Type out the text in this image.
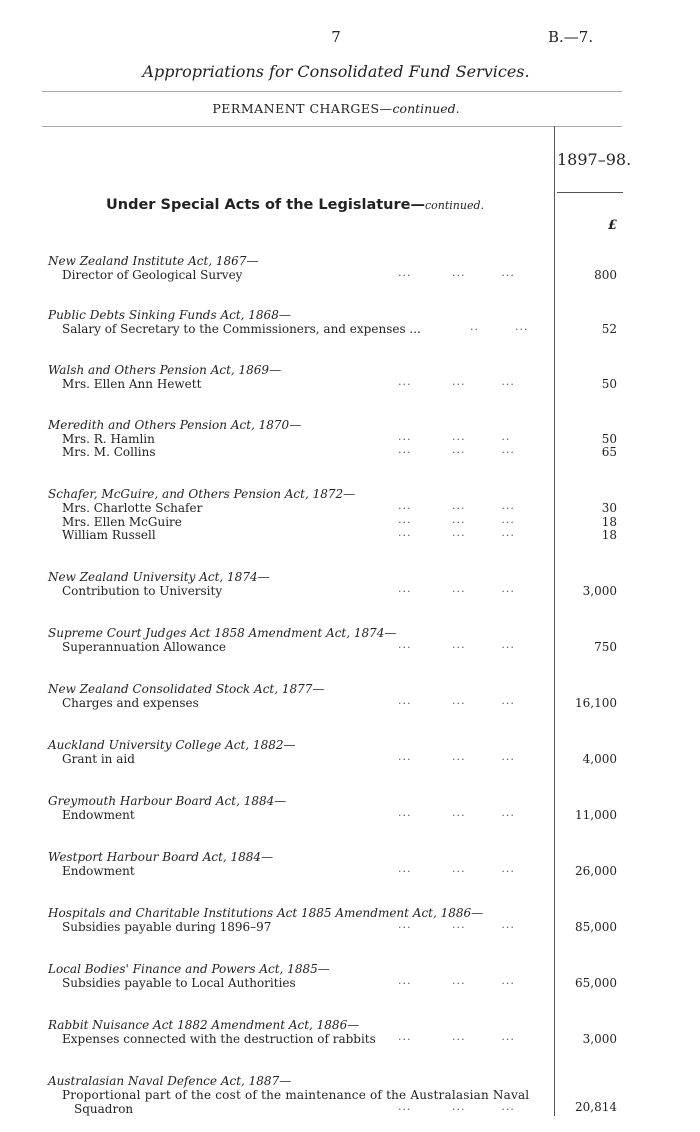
7	B.—7.
Appropriations for Consolidated Fund Services.
PERMANENT CHARGES—continued.
1897–98.
£
Under Special Acts of the Legislature—continued.
New Zealand Institute Act, 1867—
Director of Geological Survey	...         ...        ...	800
Public Debts Sinking Funds Act, 1868—
Salary of Secretary to the Commissioners, and expenses ...	..        ...	52
Walsh and Others Pension Act, 1869—
Mrs. Ellen Ann Hewett	...         ...        ...	50
Meredith and Others Pension Act, 1870—
Mrs. R. Hamlin	...         ...        ..	50
Mrs. M. Collins	...         ...        ...	65
Schafer, McGuire, and Others Pension Act, 1872—
Mrs. Charlotte Schafer	...         ...        ...	30
Mrs. Ellen McGuire	...         ...        ...	18
William Russell	...         ...        ...	18
New Zealand University Act, 1874—
Contribution to University	...         ...        ...	3,000
Supreme Court Judges Act 1858 Amendment Act, 1874—
Superannuation Allowance	...         ...        ...	750
New Zealand Consolidated Stock Act, 1877—
Charges and expenses	...         ...        ...	16,100
Auckland University College Act, 1882—
Grant in aid	...         ...        ...	4,000
Greymouth Harbour Board Act, 1884—
Endowment	...         ...        ...	11,000
Westport Harbour Board Act, 1884—
Endowment	...         ...        ...	26,000
Hospitals and Charitable Institutions Act 1885 Amendment Act, 1886—
Subsidies payable during 1896–97	...         ...        ...	85,000
Local Bodies' Finance and Powers Act, 1885—
Subsidies payable to Local Authorities	...         ...        ...	65,000
Rabbit Nuisance Act 1882 Amendment Act, 1886—
Expenses connected with the destruction of rabbits ...         ...        ...	3,000
Australasian Naval Defence Act, 1887—
Proportional part of the cost of the maintenance of the Australasian Naval
Squadron	...         ...        ...	20,814
